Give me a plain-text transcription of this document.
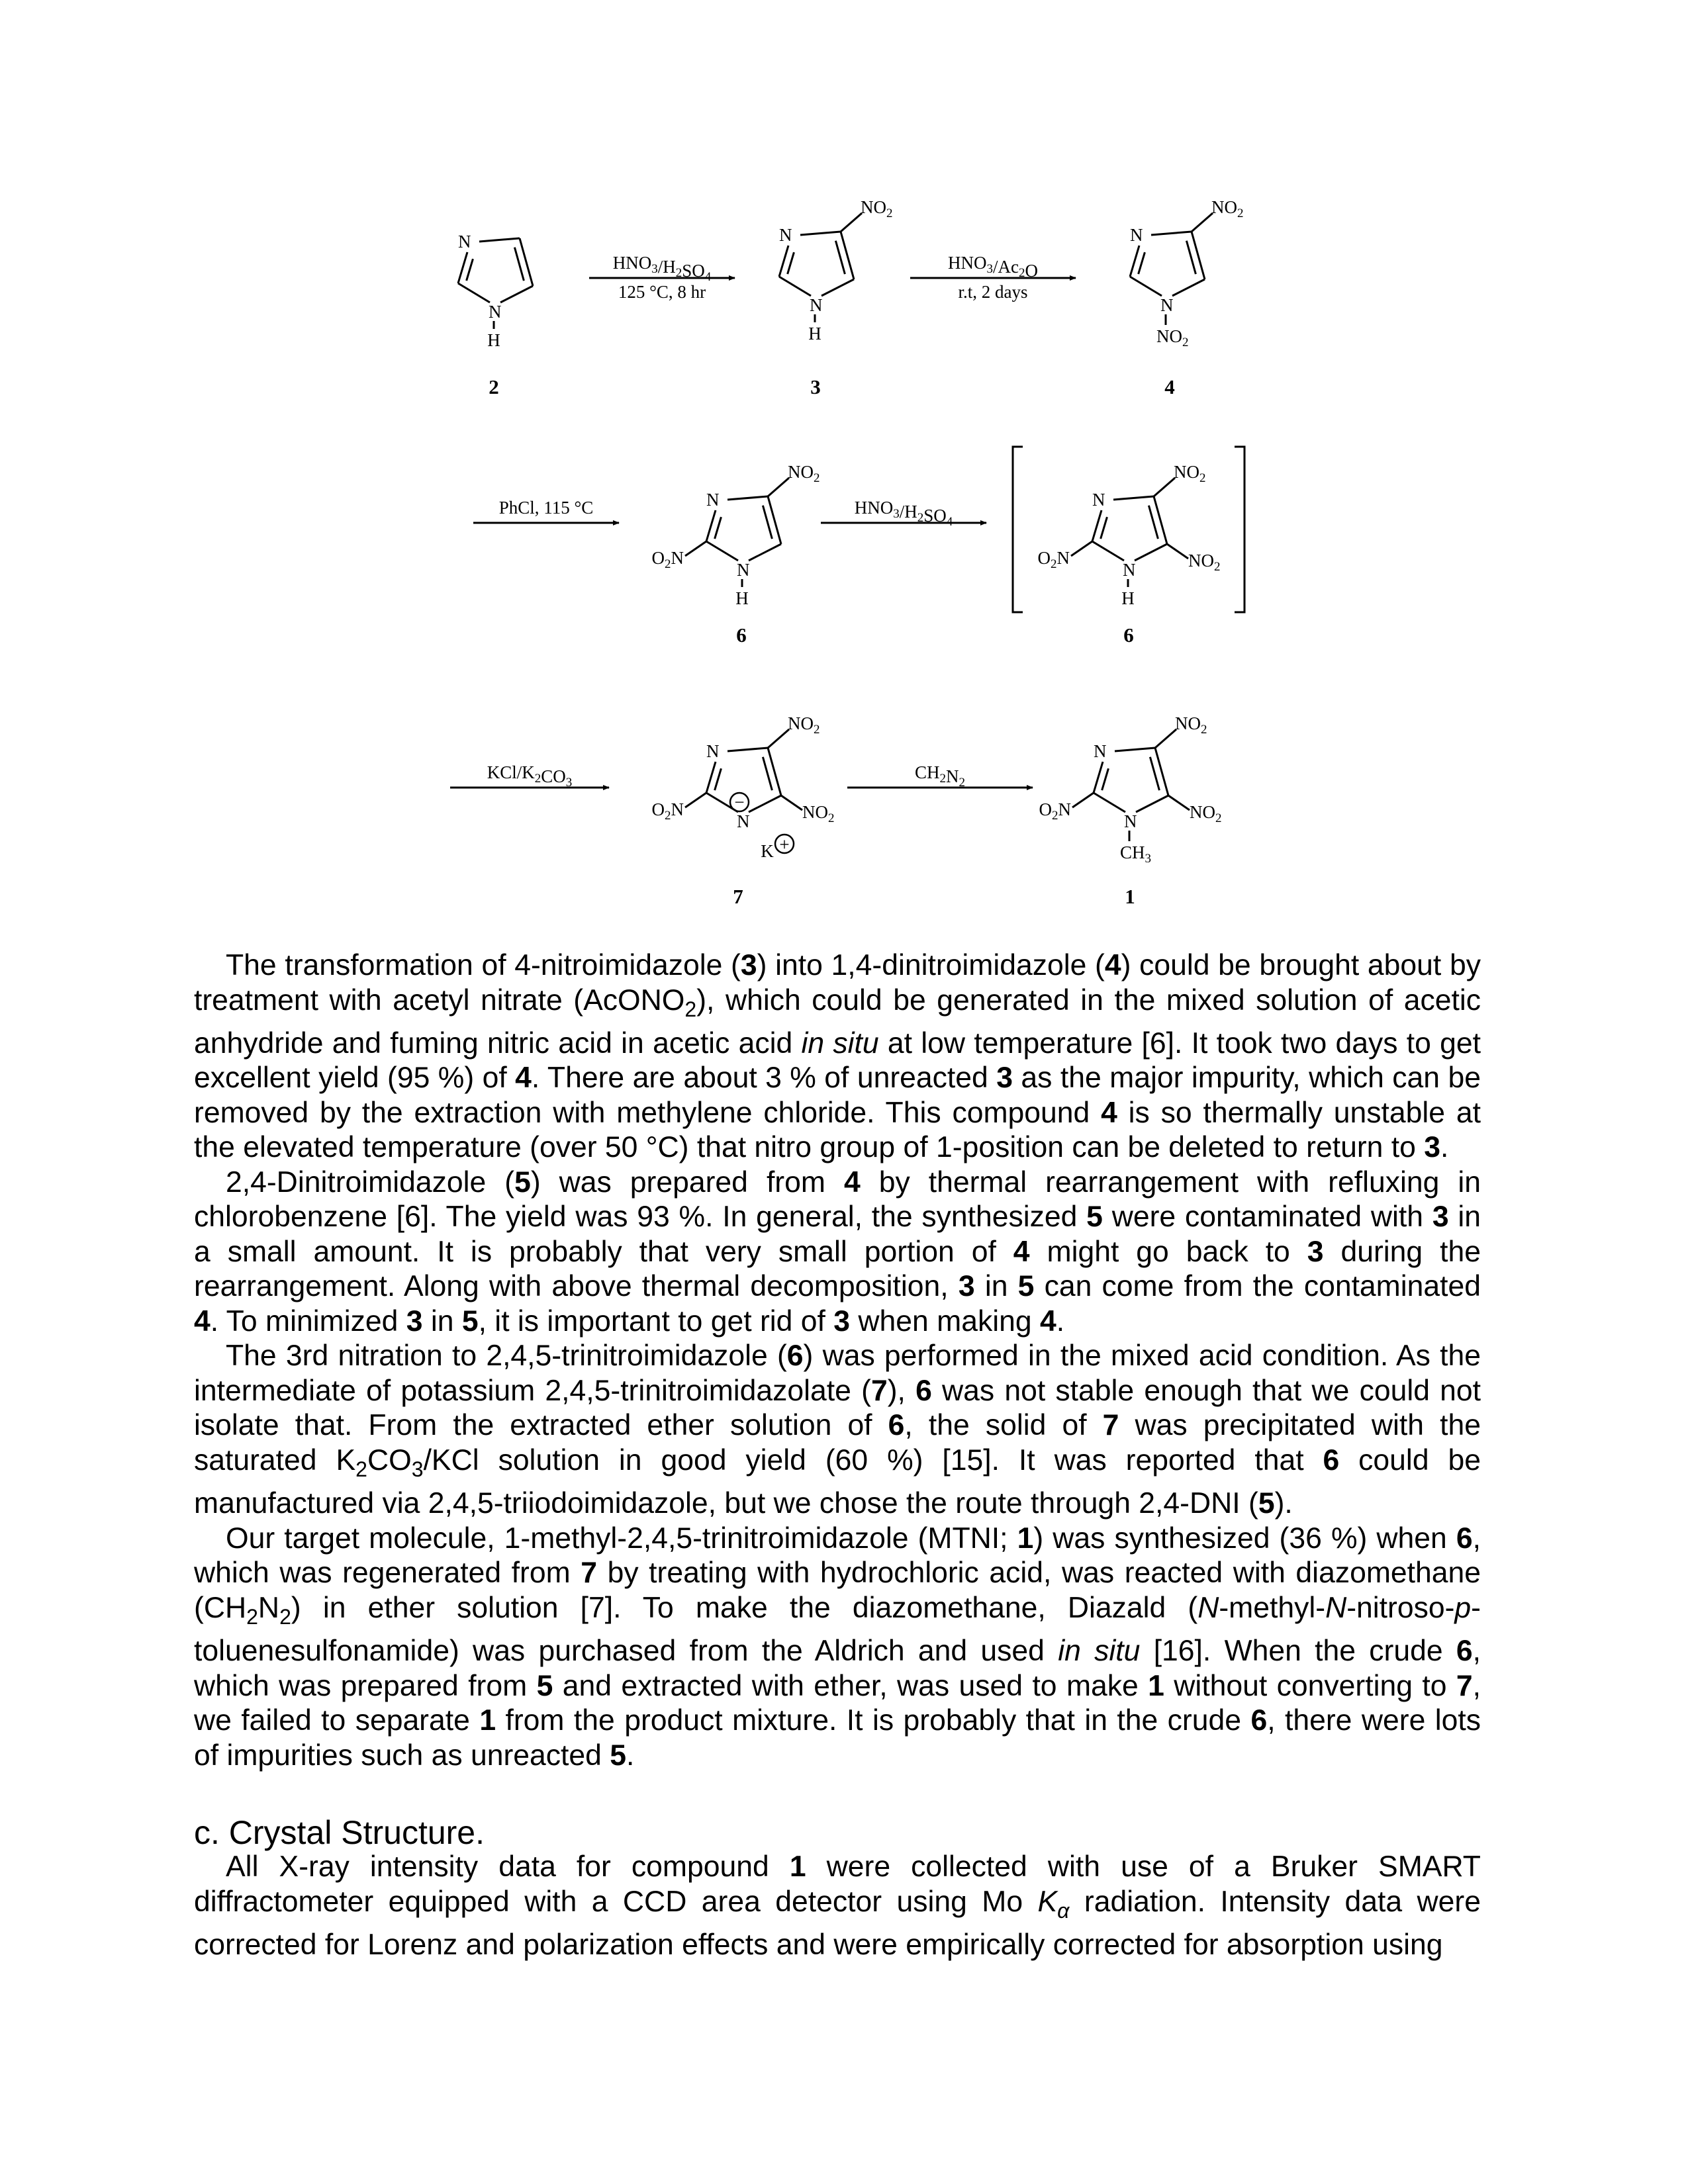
N
N
H
N
N
$NO_2$
H
N
N
$NO_2$
$NO_2$
$HNO_3/H_2SO_4$
125 °C, 8 hr
$HNO_3/Ac_2O$
r.t, 2 days
2	3	4
PhCl, 115 °C	N
N
$NO_2$
$O_2N$
H
$HNO_3/H_2SO_4$
N
N
$NO_2$
$O_2N$	$NO_2$
H
6	6
KCl/$K_2CO_3$
N
N
$NO_2$
$O_2N$	$NO_2$
−
K +
$CH_2N_2$
N
N
$NO_2$
$O_2N$	$NO_2$
$CH_3$
7	1

The transformation of 4-nitroimidazole (3) into 1,4-dinitroimidazole (4) could be brought about by treatment with acetyl nitrate (AcONO$_2$), which could be generated in the mixed solution of acetic anhydride and fuming nitric acid in acetic acid in situ at low temperature [6]. It took two days to get excellent yield (95 %) of 4. There are about 3 % of unreacted 3 as the major impurity, which can be removed by the extraction with methylene chloride. This compound 4 is so thermally unstable at the elevated temperature (over 50 °C) that nitro group of 1-position can be deleted to return to 3.

2,4-Dinitroimidazole (5) was prepared from 4 by thermal rearrangement with refluxing in chlorobenzene [6]. The yield was 93 %. In general, the synthesized 5 were contaminated with 3 in a small amount. It is probably that very small portion of 4 might go back to 3 during the rearrangement. Along with above thermal decomposition, 3 in 5 can come from the contaminated 4. To minimized 3 in 5, it is important to get rid of 3 when making 4.

The 3rd nitration to 2,4,5-trinitroimidazole (6) was performed in the mixed acid condition. As the intermediate of potassium 2,4,5-trinitroimidazolate (7), 6 was not stable enough that we could not isolate that. From the extracted ether solution of 6, the solid of 7 was precipitated with the saturated $K_2CO_3$/KCl solution in good yield (60 %) [15]. It was reported that 6 could be manufactured via 2,4,5-triiodoimidazole, but we chose the route through 2,4-DNI (5).

Our target molecule, 1-methyl-2,4,5-trinitroimidazole (MTNI; 1) was synthesized (36 %) when 6, which was regenerated from 7 by treating with hydrochloric acid, was reacted with diazomethane $(CH_2N_2)$ in ether solution [7]. To make the diazomethane, Diazald (N-methyl-N-nitroso-p-toluenesulfonamide) was purchased from the Aldrich and used in situ [16]. When the crude 6, which was prepared from 5 and extracted with ether, was used to make 1 without converting to 7, we failed to separate 1 from the product mixture. It is probably that in the crude 6, there were lots of impurities such as unreacted 5.

c. Crystal Structure.

All X-ray intensity data for compound 1 were collected with use of a Bruker SMART diffractometer equipped with a CCD area detector using Mo $K_\alpha$ radiation. Intensity data were corrected for Lorenz and polarization effects and were empirically corrected for absorption using
